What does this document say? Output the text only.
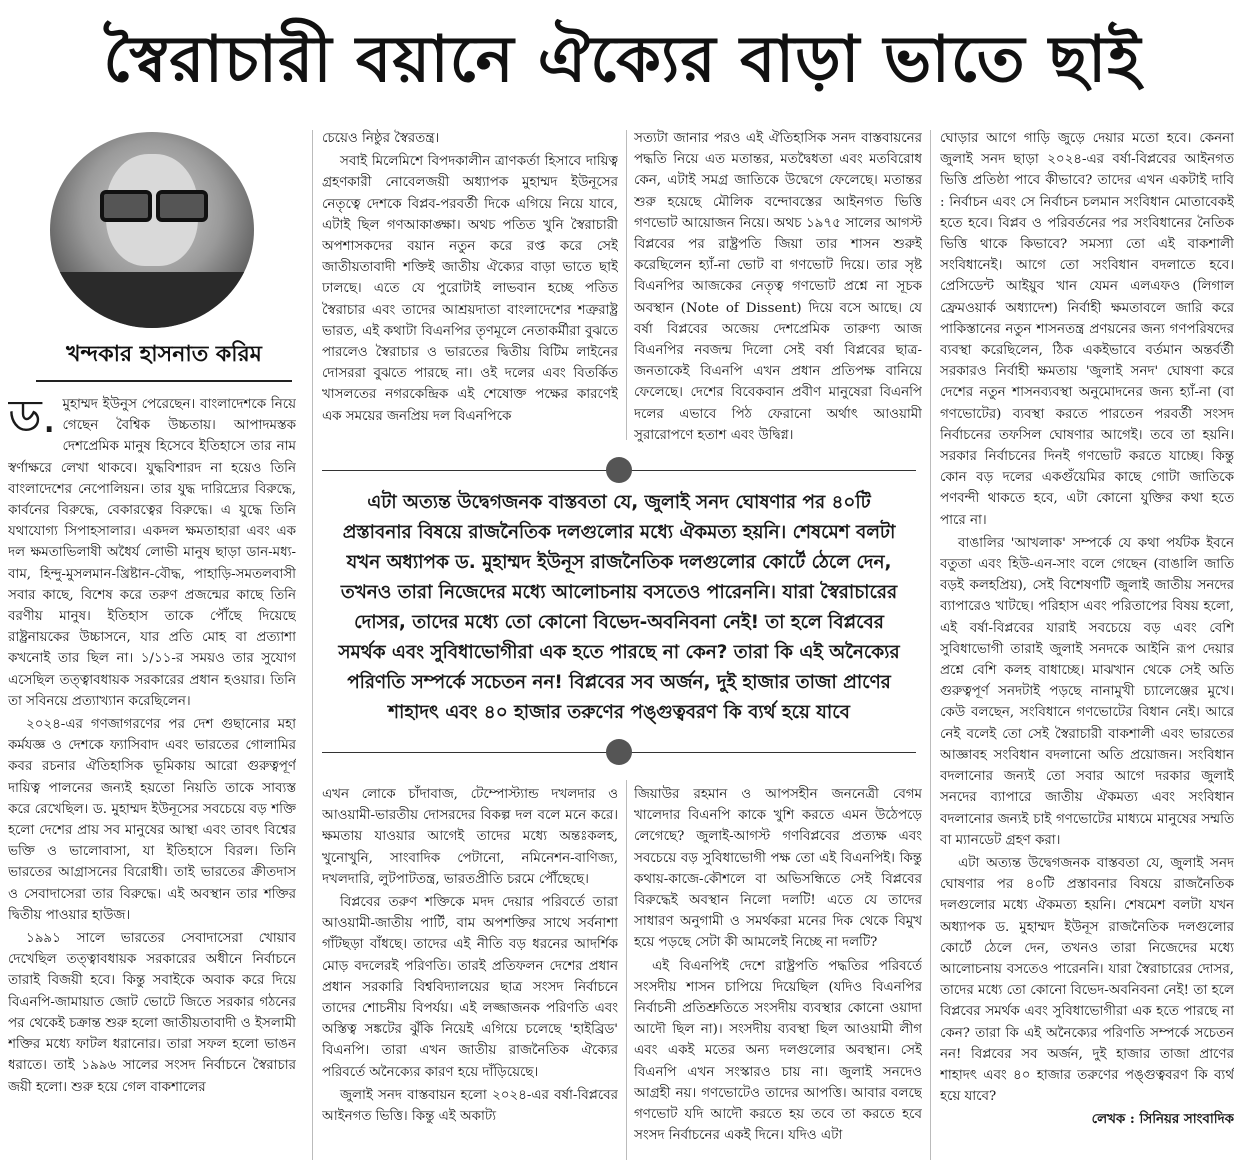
স্বৈরাচারী বয়ানে ঐক্যের বাড়া ভাতে ছাই
খন্দকার হাসনাত করিম

ড. মুহাম্মদ ইউনুস পেরেছেন। বাংলাদেশকে নিয়ে গেছেন বৈশ্বিক উচ্চতায়। আপাদমস্তক দেশপ্রেমিক মানুষ হিসেবে ইতিহাসে তার নাম স্বর্ণাক্ষরে লেখা থাকবে। যুদ্ধবিশারদ না হয়েও তিনি বাংলাদেশের নেপোলিয়ন। তার যুদ্ধ দারিদ্র্যের বিরুদ্ধে, কার্বনের বিরুদ্ধে, বেকারত্বের বিরুদ্ধে। এ যুদ্ধে তিনি যথাযোগ্য সিপাহসালার। একদল ক্ষমতাহারা এবং এক দল ক্ষমতাভিলাষী অধৈর্য লোভী মানুষ ছাড়া ডান-মধ্য-বাম, হিন্দু-মুসলমান-খ্রিষ্টান-বৌদ্ধ, পাহাড়ি-সমতলবাসী সবার কাছে, বিশেষ করে তরুণ প্রজন্মের কাছে তিনি বরণীয় মানুষ। ইতিহাস তাকে পৌঁছে দিয়েছে রাষ্ট্রনায়কের উচ্চাসনে, যার প্রতি মোহ বা প্রত্যাশা কখনোই তার ছিল না। ১/১১-র সময়ও তার সুযোগ এসেছিল তত্ত্বাবধায়ক সরকারের প্রধান হওয়ার। তিনি তা সবিনয়ে প্রত্যাখ্যান করেছিলেন।

২০২৪-এর গণজাগরণের পর দেশ গুছানোর মহা কর্মযজ্ঞ ও দেশকে ফ্যাসিবাদ এবং ভারতের গোলামির কবর রচনার ঐতিহাসিক ভূমিকায় আরো গুরুত্বপূর্ণ দায়িত্ব পালনের জন্যই হয়তো নিয়তি তাকে সাব্যস্ত করে রেখেছিল। ড. মুহাম্মদ ইউনূসের সবচেয়ে বড় শক্তি হলো দেশের প্রায় সব মানুষের আস্থা এবং তাবৎ বিশ্বের ভক্তি ও ভালোবাসা, যা ইতিহাসে বিরল। তিনি ভারতের আগ্রাসনের বিরোধী। তাই ভারতের ক্রীতদাস ও সেবাদাসেরা তার বিরুদ্ধে। এই অবস্থান তার শক্তির দ্বিতীয় পাওয়ার হাউজ।

১৯৯১ সালে ভারতের সেবাদাসেরা খোয়াব দেখেছিল তত্ত্বাবধায়ক সরকারের অধীনে নির্বাচনে তারাই বিজয়ী হবে। কিন্তু সবাইকে অবাক করে দিয়ে বিএনপি-জামায়াত জোট ভোটে জিতে সরকার গঠনের পর থেকেই চক্রান্ত শুরু হলো জাতীয়তাবাদী ও ইসলামী শক্তির মধ্যে ফাটল ধরানোর। তারা সফল হলো ভাঙন ধরাতে। তাই ১৯৯৬ সালের সংসদ নির্বাচনে স্বৈরাচার জয়ী হলো। শুরু হয়ে গেল বাকশালের

চেয়েও নিষ্ঠুর স্বৈরতন্ত্র।

সবাই মিলেমিশে বিপদকালীন ত্রাণকর্তা হিসাবে দায়িত্ব গ্রহণকারী নোবেলজয়ী অধ্যাপক মুহাম্মদ ইউনূসের নেতৃত্বে দেশকে বিপ্লব-পরবর্তী দিকে এগিয়ে নিয়ে যাবে, এটাই ছিল গণআকাঙ্ক্ষা। অথচ পতিত খুনি স্বৈরাচারী অপশাসকদের বয়ান নতুন করে রপ্ত করে সেই জাতীয়তাবাদী শক্তিই জাতীয় ঐক্যের বাড়া ভাতে ছাই ঢালছে। এতে যে পুরোটাই লাভবান হচ্ছে পতিত স্বৈরাচার এবং তাদের আশ্রয়দাতা বাংলাদেশের শত্রুরাষ্ট্র ভারত, এই কথাটা বিএনপির তৃণমূলে নেতাকর্মীরা বুঝতে পারলেও স্বৈরাচার ও ভারতের দ্বিতীয় বিটিম লাইনের দোসররা বুঝতে পারছে না। ওই দলের এবং বিতর্কিত খাসলতের নগরকেন্দ্রিক এই শেষোক্ত পক্ষের কারণেই এক সময়ের জনপ্রিয় দল বিএনপিকে

সত্যটা জানার পরও এই ঐতিহাসিক সনদ বাস্তবায়নের পদ্ধতি নিয়ে এত মতান্তর, মতদ্বৈধতা এবং মতবিরোধ কেন, এটাই সমগ্র জাতিকে উদ্বেগে ফেলেছে। মতান্তর শুরু হয়েছে মৌলিক বন্দোবস্তের আইনগত ভিত্তি গণভোট আয়োজন নিয়ে। অথচ ১৯৭৫ সালের আগস্ট বিপ্লবের পর রাষ্ট্রপতি জিয়া তার শাসন শুরুই করেছিলেন হ্যাঁ-না ভোট বা গণভোট দিয়ে। তার সৃষ্ট বিএনপির আজকের নেতৃত্ব গণভোট প্রশ্নে না সূচক অবস্থান (Note of Dissent) দিয়ে বসে আছে। যে বর্ষা বিপ্লবের অজেয় দেশপ্রেমিক তারুণ্য আজ বিএনপির নবজন্ম দিলো সেই বর্ষা বিপ্লবের ছাত্র-জনতাকেই বিএনপি এখন প্রধান প্রতিপক্ষ বানিয়ে ফেলেছে। দেশের বিবেকবান প্রবীণ মানুষেরা বিএনপি দলের এভাবে পিঠ ফেরানো অর্থাৎ আওয়ামী সুরারোপণে হতাশ এবং উদ্বিগ্ন।

এটা অত্যন্ত উদ্বেগজনক বাস্তবতা যে, জুলাই সনদ ঘোষণার পর ৪০টি প্রস্তাবনার বিষয়ে রাজনৈতিক দলগুলোর মধ্যে ঐকমত্য হয়নি। শেষমেশ বলটা যখন অধ্যাপক ড. মুহাম্মদ ইউনূস রাজনৈতিক দলগুলোর কোর্টে ঠেলে দেন, তখনও তারা নিজেদের মধ্যে আলোচনায় বসতেও পারেননি। যারা স্বৈরাচারের দোসর, তাদের মধ্যে তো কোনো বিভেদ-অবনিবনা নেই! তা হলে বিপ্লবের সমর্থক এবং সুবিধাভোগীরা এক হতে পারছে না কেন? তারা কি এই অনৈক্যের পরিণতি সম্পর্কে সচেতন নন! বিপ্লবের সব অর্জন, দুই হাজার তাজা প্রাণের শাহাদৎ এবং ৪০ হাজার তরুণের পঙ্গুত্ববরণ কি ব্যর্থ হয়ে যাবে

এখন লোকে চাঁদাবাজ, টেম্পোস্ট্যান্ড দখলদার ও আওয়ামী-ভারতীয় দোসরদের বিকল্প দল বলে মনে করে। ক্ষমতায় যাওয়ার আগেই তাদের মধ্যে অন্তঃকলহ, খুনোখুনি, সাংবাদিক পেটানো, নমিনেশন-বাণিজ্য, দখলদারি, লুটপাটতন্ত্র, ভারতপ্রীতি চরমে পৌঁছেছে।

বিপ্লবের তরুণ শক্তিকে মদদ দেয়ার পরিবর্তে তারা আওয়ামী-জাতীয় পার্টি, বাম অপশক্তির সাথে সর্বনাশা গাঁটছড়া বাঁধছে। তাদের এই নীতি বড় ধরনের আদর্শিক মোড় বদলেরই পরিণতি। তারই প্রতিফলন দেশের প্রধান প্রধান সরকারি বিশ্ববিদ্যালয়ের ছাত্র সংসদ নির্বাচনে তাদের শোচনীয় বিপর্যয়। এই লজ্জাজনক পরিণতি এবং অস্তিত্ব সঙ্কটের ঝুঁকি নিয়েই এগিয়ে চলেছে 'হাইব্রিড' বিএনপি। তারা এখন জাতীয় রাজনৈতিক ঐক্যের পরিবর্তে অনৈক্যের কারণ হয়ে দাঁড়িয়েছে।

জুলাই সনদ বাস্তবায়ন হলো ২০২৪-এর বর্ষা-বিপ্লবের আইনগত ভিত্তি। কিন্তু এই অকাট্য

জিয়াউর রহমান ও আপসহীন জননেত্রী বেগম খালেদার বিএনপি কাকে খুশি করতে এমন উঠেপড়ে লেগেছে? জুলাই-আগস্ট গণবিপ্লবের প্রত্যক্ষ এবং সবচেয়ে বড় সুবিধাভোগী পক্ষ তো এই বিএনপিই। কিন্তু কথায়-কাজে-কৌশলে বা অভিসন্ধিতে সেই বিপ্লবের বিরুদ্ধেই অবস্থান নিলো দলটি! এতে যে তাদের সাধারণ অনুগামী ও সমর্থকরা মনের দিক থেকে বিমুখ হয়ে পড়ছে সেটা কী আমলেই নিচ্ছে না দলটি?

এই বিএনপিই দেশে রাষ্ট্রপতি পদ্ধতির পরিবর্তে সংসদীয় শাসন চাপিয়ে দিয়েছিল (যদিও বিএনপির নির্বাচনী প্রতিশ্রুতিতে সংসদীয় ব্যবস্থার কোনো ওয়াদা আদৌ ছিল না)। সংসদীয় ব্যবস্থা ছিল আওয়ামী লীগ এবং একই মতের অন্য দলগুলোর অবস্থান। সেই বিএনপি এখন সংস্কারও চায় না। জুলাই সনদেও আগ্রহী নয়। গণভোটেও তাদের আপত্তি। আবার বলছে গণভোট যদি আদৌ করতে হয় তবে তা করতে হবে সংসদ নির্বাচনের একই দিনে। যদিও এটা

ঘোড়ার আগে গাড়ি জুড়ে দেয়ার মতো হবে। কেননা জুলাই সনদ ছাড়া ২০২৪-এর বর্ষা-বিপ্লবের আইনগত ভিত্তি প্রতিষ্ঠা পাবে কীভাবে? তাদের এখন একটাই দাবি : নির্বাচন এবং সে নির্বাচন চলমান সংবিধান মোতাবেকই হতে হবে। বিপ্লব ও পরিবর্তনের পর সংবিধানের নৈতিক ভিত্তি থাকে কিভাবে? সমস্যা তো এই বাকশালী সংবিধানেই। আগে তো সংবিধান বদলাতে হবে। প্রেসিডেন্ট আইয়ুব খান যেমন এলএফও (লিগাল ফ্রেমওয়ার্ক অধ্যাদেশ) নির্বাহী ক্ষমতাবলে জারি করে পাকিস্তানের নতুন শাসনতন্ত্র প্রণয়নের জন্য গণপরিষদের ব্যবস্থা করেছিলেন, ঠিক একইভাবে বর্তমান অন্তর্বর্তী সরকারও নির্বাহী ক্ষমতায় 'জুলাই সনদ' ঘোষণা করে দেশের নতুন শাসনব্যবস্থা অনুমোদনের জন্য হ্যাঁ-না (বা গণভোটের) ব্যবস্থা করতে পারতেন পরবর্তী সংসদ নির্বাচনের তফসিল ঘোষণার আগেই। তবে তা হয়নি। সরকার নির্বাচনের দিনই গণভোট করতে যাচ্ছে। কিন্তু কোন বড় দলের একগুঁয়েমির কাছে গোটা জাতিকে পণবন্দী থাকতে হবে, এটা কোনো যুক্তির কথা হতে পারে না।

বাঙালির 'আখলাক' সম্পর্কে যে কথা পর্যটক ইবনে বতুতা এবং হিউ-এন-সাং বলে গেছেন (বাঙালি জাতি বড়ই কলহপ্রিয়), সেই বিশেষণটি জুলাই জাতীয় সনদের ব্যাপারেও খাটছে। পরিহাস এবং পরিতাপের বিষয় হলো, এই বর্ষা-বিপ্লবের যারাই সবচেয়ে বড় এবং বেশি সুবিধাভোগী তারাই জুলাই সনদকে আইনি রূপ দেয়ার প্রশ্নে বেশি কলহ বাধাচ্ছে। মাঝখান থেকে সেই অতি গুরুত্বপূর্ণ সনদটাই পড়ছে নানামুখী চ্যালেঞ্জের মুখে। কেউ বলছেন, সংবিধানে গণভোটের বিধান নেই। আরে নেই বলেই তো সেই স্বৈরাচারী বাকশালী এবং ভারতের আজ্ঞাবহ সংবিধান বদলানো অতি প্রয়োজন। সংবিধান বদলানোর জন্যই তো সবার আগে দরকার জুলাই সনদের ব্যাপারে জাতীয় ঐকমত্য এবং সংবিধান বদলানোর জন্যই চাই গণভোটের মাধ্যমে মানুষের সম্মতি বা ম্যানডেট গ্রহণ করা।

এটা অত্যন্ত উদ্বেগজনক বাস্তবতা যে, জুলাই সনদ ঘোষণার পর ৪০টি প্রস্তাবনার বিষয়ে রাজনৈতিক দলগুলোর মধ্যে ঐকমত্য হয়নি। শেষমেশ বলটা যখন অধ্যাপক ড. মুহাম্মদ ইউনূস রাজনৈতিক দলগুলোর কোর্টে ঠেলে দেন, তখনও তারা নিজেদের মধ্যে আলোচনায় বসতেও পারেননি। যারা স্বৈরাচারের দোসর, তাদের মধ্যে তো কোনো বিভেদ-অবনিবনা নেই! তা হলে বিপ্লবের সমর্থক এবং সুবিধাভোগীরা এক হতে পারছে না কেন? তারা কি এই অনৈক্যের পরিণতি সম্পর্কে সচেতন নন! বিপ্লবের সব অর্জন, দুই হাজার তাজা প্রাণের শাহাদৎ এবং ৪০ হাজার তরুণের পঙ্গুত্ববরণ কি ব্যর্থ হয়ে যাবে?

লেখক : সিনিয়র সাংবাদিক
